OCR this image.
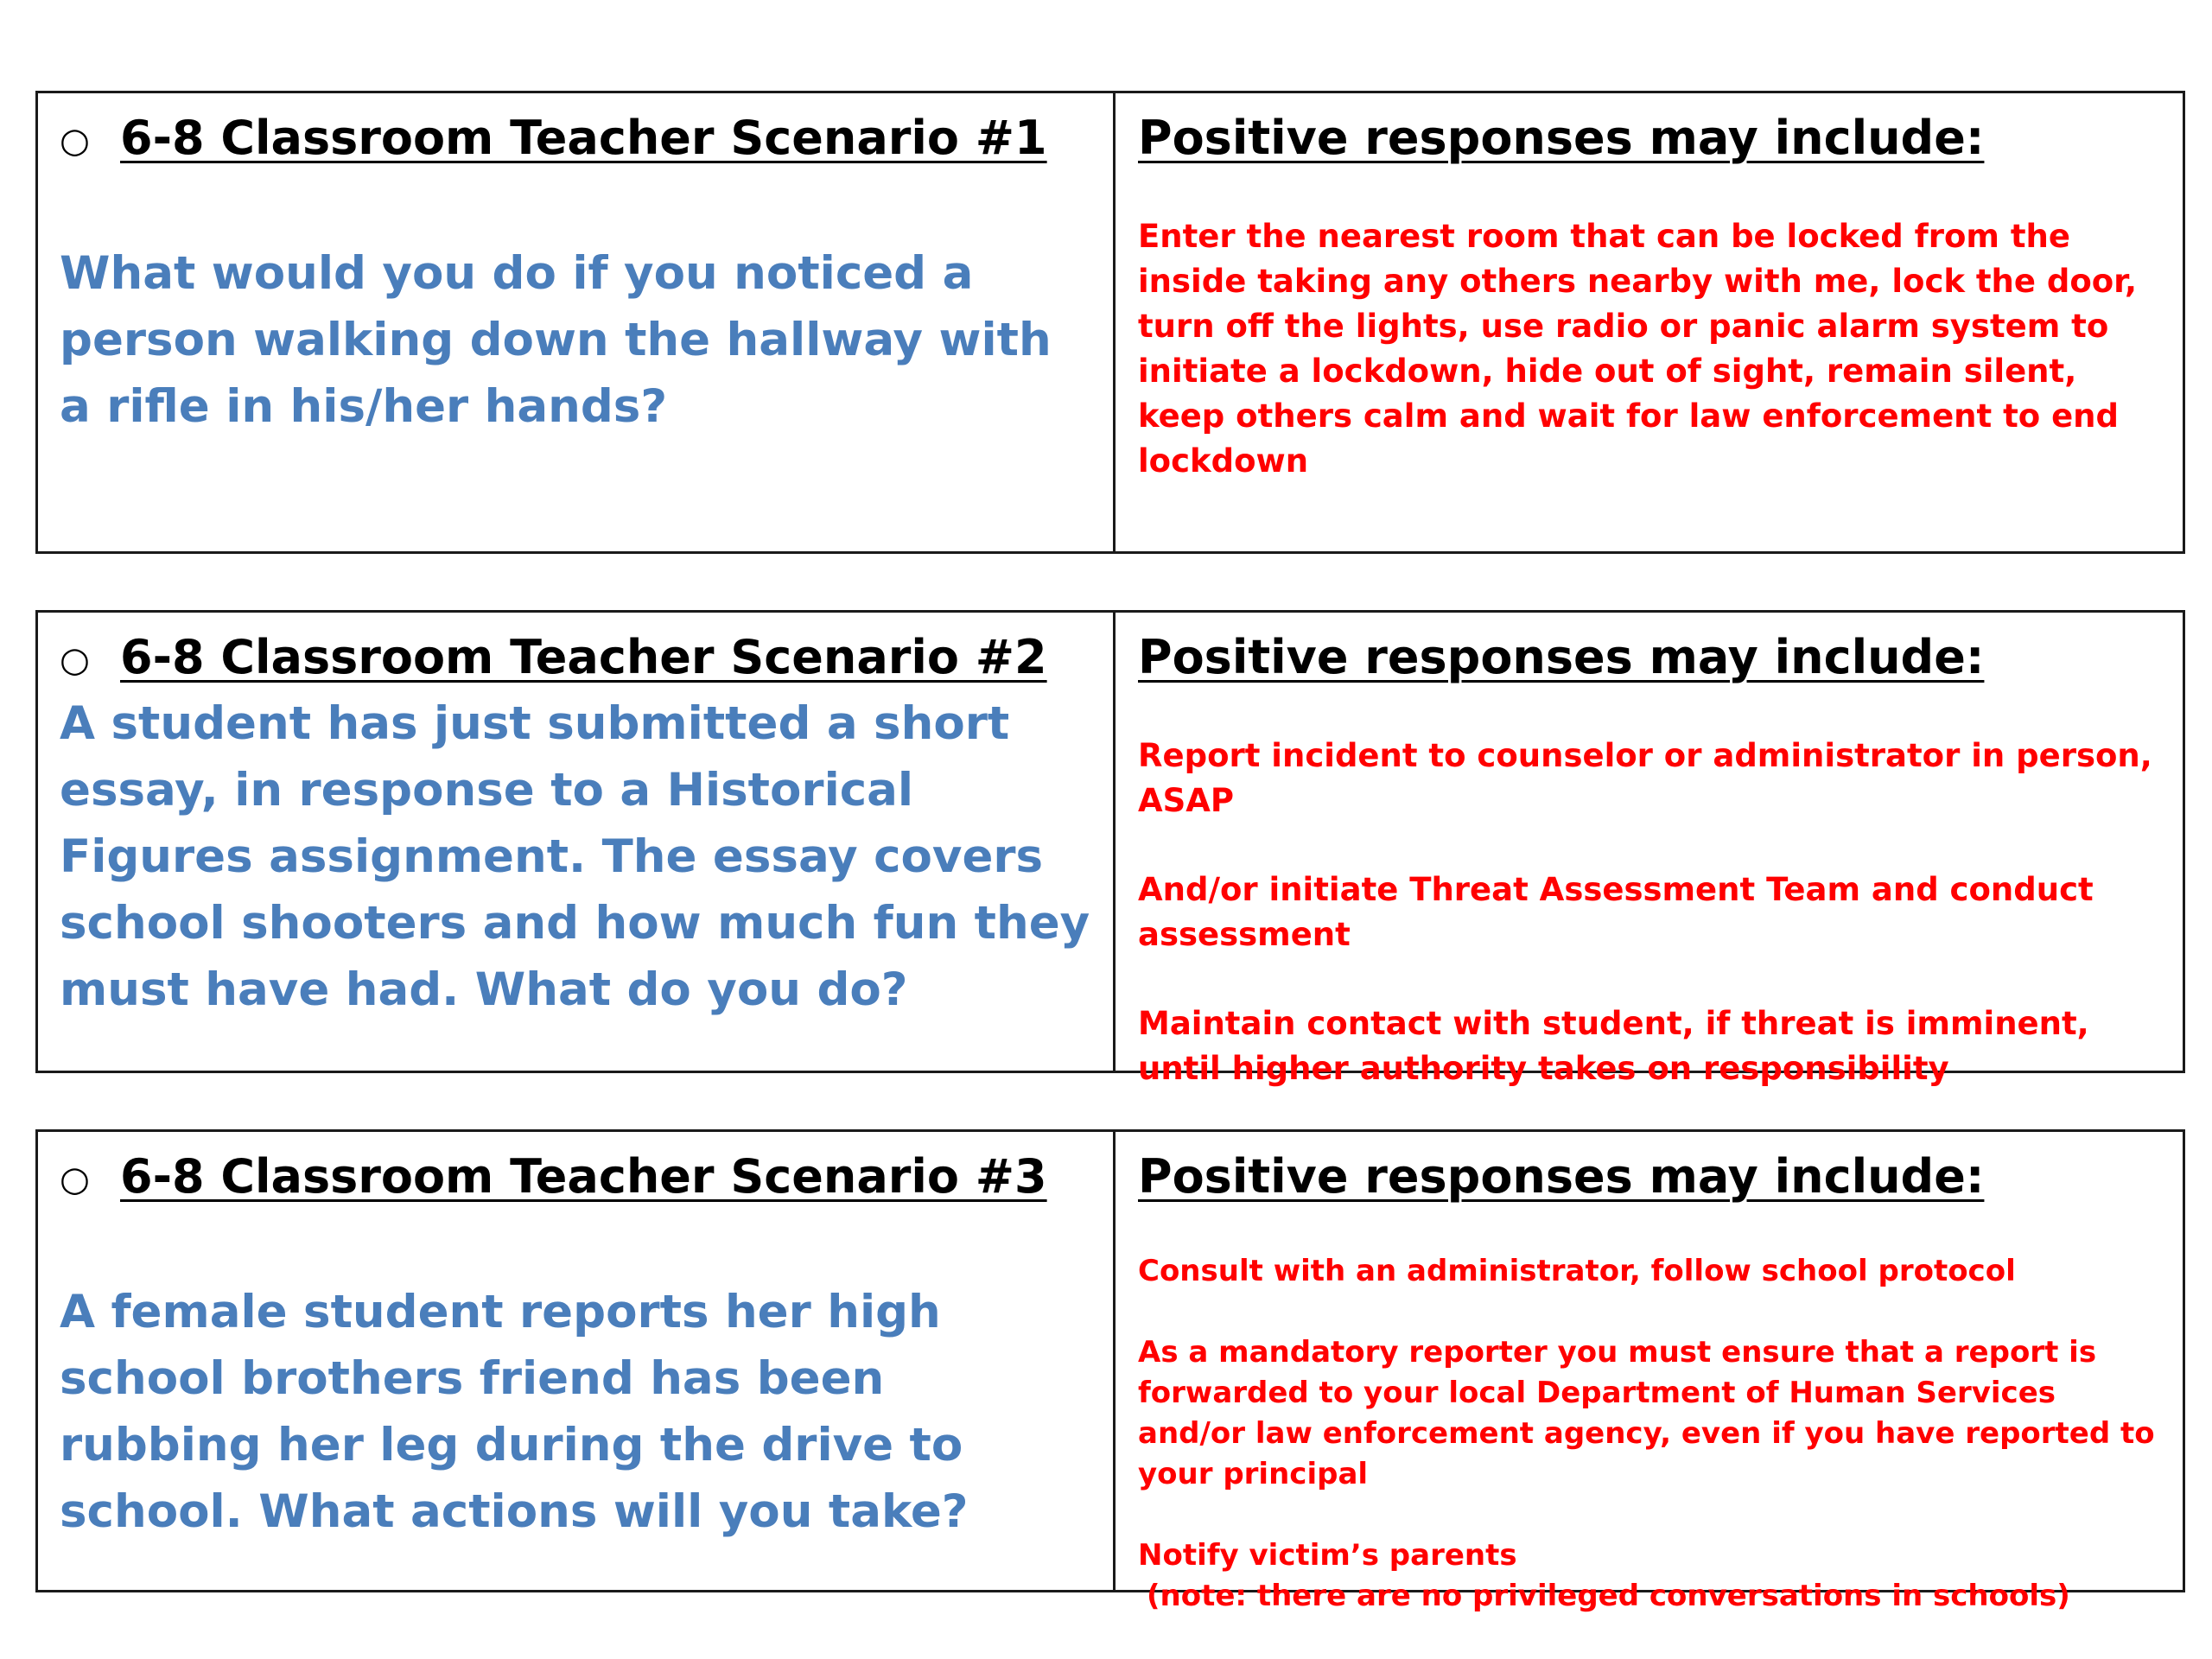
○ 6-8 Classroom Teacher Scenario #1
What would you do if you noticed a person walking down the hallway with a rifle in his/her hands?
Positive responses may include:

Enter the nearest room that can be locked from the inside taking any others nearby with me, lock the door, turn off the lights, use radio or panic alarm system to initiate a lockdown, hide out of sight, remain silent, keep others calm and wait for law enforcement to end lockdown

○ 6-8 Classroom Teacher Scenario #2
A student has just submitted a short essay, in response to a Historical Figures assignment. The essay covers school shooters and how much fun they must have had. What do you do?
Positive responses may include:

Report incident to counselor or administrator in person, ASAP

And/or initiate Threat Assessment Team and conduct assessment

Maintain contact with student, if threat is imminent, until higher authority takes on responsibility

○ 6-8 Classroom Teacher Scenario #3
A female student reports her high school brothers friend has been rubbing her leg during the drive to school. What actions will you take?
Positive responses may include:

Consult with an administrator, follow school protocol

As a mandatory reporter you must ensure that a report is forwarded to your local Department of Human Services and/or law enforcement agency, even if you have reported to your principal

Notify victim’s parents

(note: there are no privileged conversations in schools)
